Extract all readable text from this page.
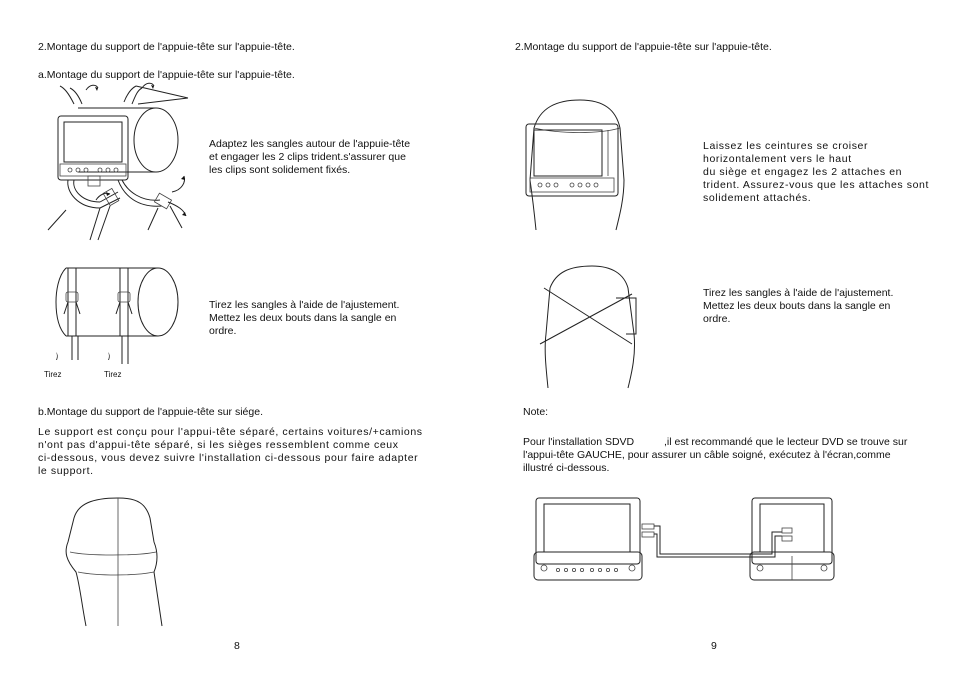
2.Montage du support de l'appuie-tête sur l'appuie-tête.
a.Montage du support de l'appuie-tête sur l'appuie-tête.
Adaptez les sangles autour de l'appuie-tête
et engager les 2 clips trident.s'assurer que
les clips sont solidement fixés.
Tirez	Tirez
Tirez les sangles à l'aide de l'ajustement.
Mettez les deux bouts dans la sangle en
ordre.
b.Montage du support de l'appuie-tête sur siége.
Le support est conçu pour l'appui-tête séparé, certains voitures/+camions
n'ont pas d'appui-tête séparé, si les sièges ressemblent comme ceux
ci-dessous, vous devez suivre l'installation ci-dessous pour faire adapter
le support.
8
2.Montage du support de l'appuie-tête sur l'appuie-tête.
Laissez les ceintures se croiser
horizontalement vers le haut
du siège et engagez les 2 attaches en
trident. Assurez-vous que les attaches sont
solidement attachés.
Tirez les sangles à l'aide de l'ajustement.
Mettez les deux bouts dans la sangle en
ordre.
Note:
Pour l'installation SDVD	,il est recommandé que le lecteur DVD se trouve sur
l'appui-tête GAUCHE, pour assurer un câble soigné, exécutez à l'écran,comme
illustré ci-dessous.
9
